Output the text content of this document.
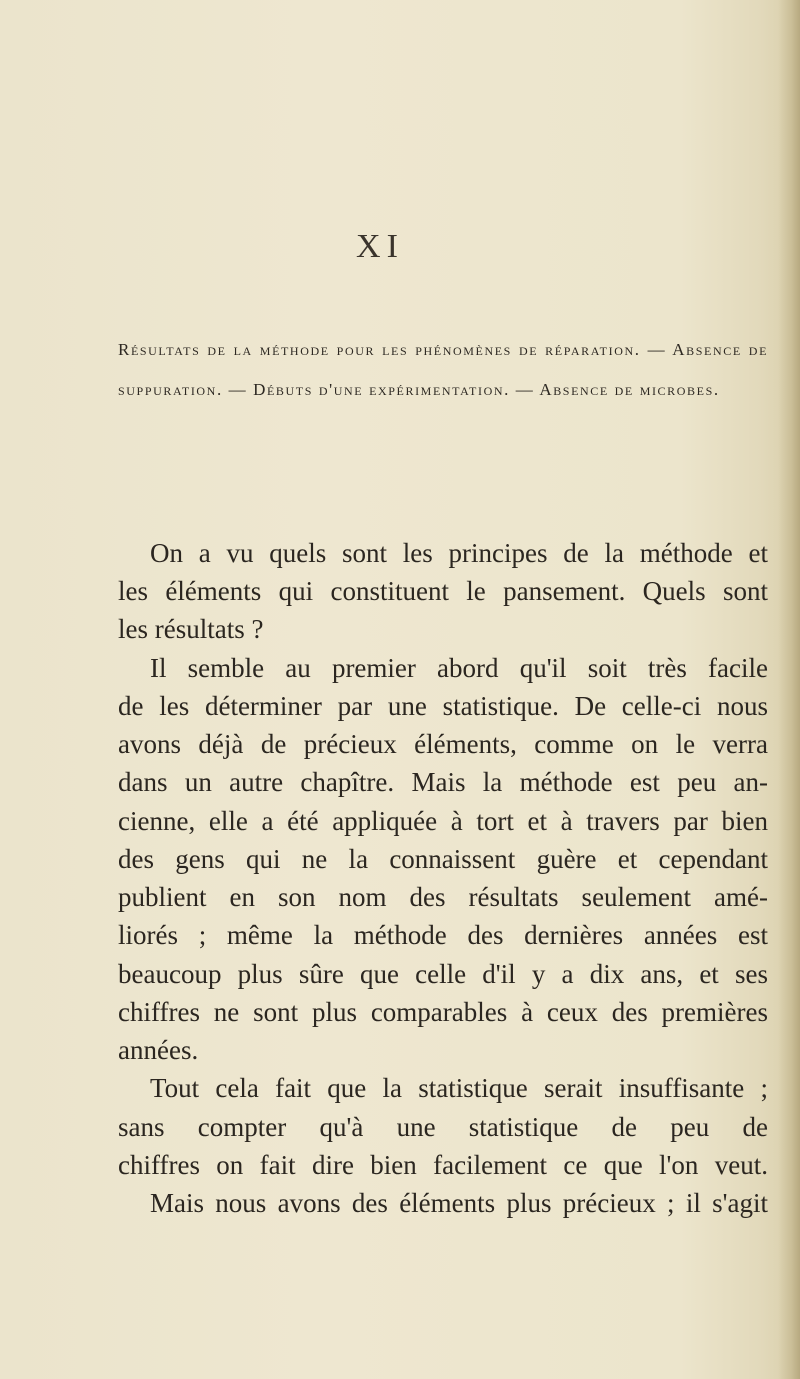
XI
Résultats de la méthode pour les phénomènes de réparation. — Absence de suppuration. — Débuts d'une expérimentation. — Absence de microbes.
On a vu quels sont les principes de la méthode et
les éléments qui constituent le pansement. Quels sont
les résultats ?
Il semble au premier abord qu'il soit très facile
de les déterminer par une statistique. De celle-ci nous
avons déjà de précieux éléments, comme on le verra
dans un autre chapître. Mais la méthode est peu an-
cienne, elle a été appliquée à tort et à travers par bien
des gens qui ne la connaissent guère et cependant
publient en son nom des résultats seulement amé-
liorés ; même la méthode des dernières années est
beaucoup plus sûre que celle d'il y a dix ans, et ses
chiffres ne sont plus comparables à ceux des premières
années.
Tout cela fait que la statistique serait insuffisante ;
sans compter qu'à une statistique de peu de
chiffres on fait dire bien facilement ce que l'on veut.
Mais nous avons des éléments plus précieux ; il s'agit
